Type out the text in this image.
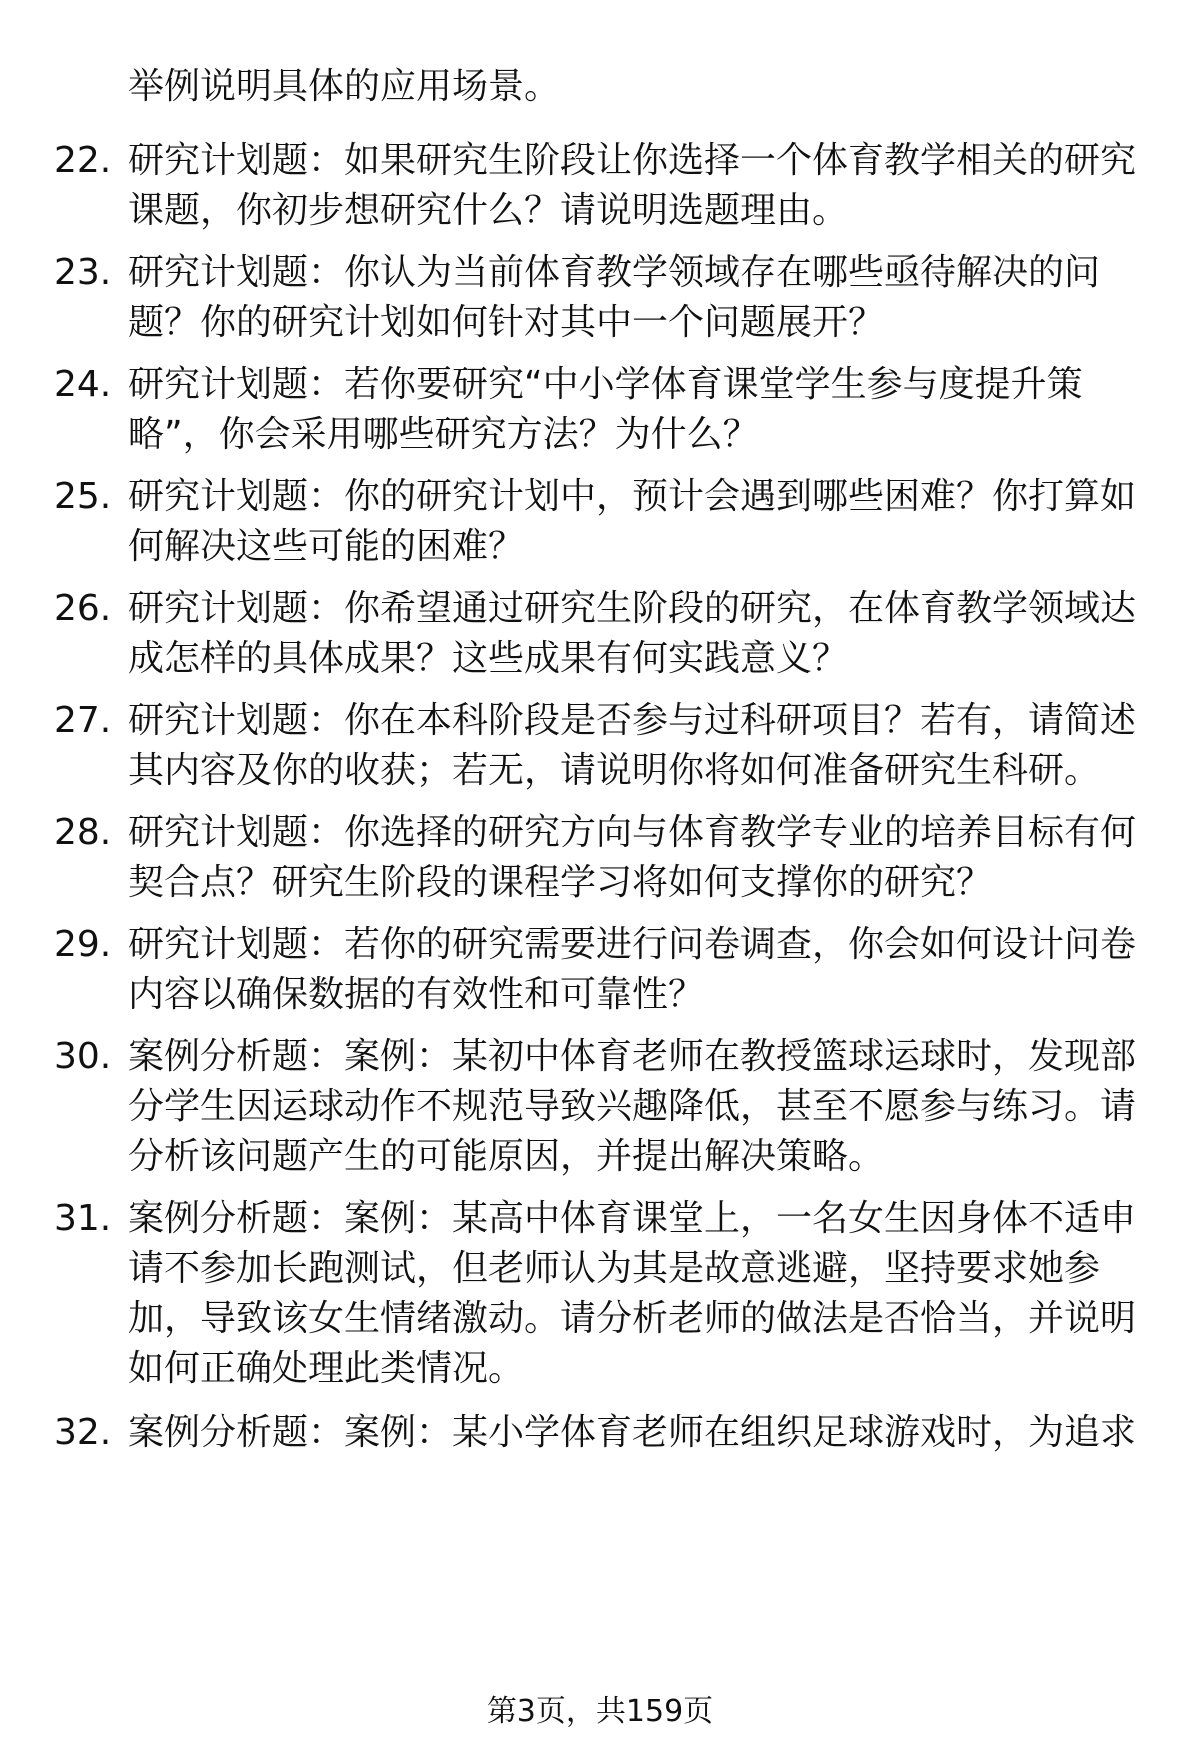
举例说明具体的应用场景。

22. 研究计划题：如果研究生阶段让你选择一个体育教学相关的研究课题，你初步想研究什么？请说明选题理由。

23. 研究计划题：你认为当前体育教学领域存在哪些亟待解决的问题？你的研究计划如何针对其中一个问题展开？

24. 研究计划题：若你要研究“中小学体育课堂学生参与度提升策略”，你会采用哪些研究方法？为什么？

25. 研究计划题：你的研究计划中，预计会遇到哪些困难？你打算如何解决这些可能的困难？

26. 研究计划题：你希望通过研究生阶段的研究，在体育教学领域达成怎样的具体成果？这些成果有何实践意义？

27. 研究计划题：你在本科阶段是否参与过科研项目？若有，请简述其内容及你的收获；若无，请说明你将如何准备研究生科研。

28. 研究计划题：你选择的研究方向与体育教学专业的培养目标有何契合点？研究生阶段的课程学习将如何支撑你的研究？

29. 研究计划题：若你的研究需要进行问卷调查，你会如何设计问卷内容以确保数据的有效性和可靠性？

30. 案例分析题：案例：某初中体育老师在教授篮球运球时，发现部分学生因运球动作不规范导致兴趣降低，甚至不愿参与练习。请分析该问题产生的可能原因，并提出解决策略。

31. 案例分析题：案例：某高中体育课堂上，一名女生因身体不适申请不参加长跑测试，但老师认为其是故意逃避，坚持要求她参加，导致该女生情绪激动。请分析老师的做法是否恰当，并说明如何正确处理此类情况。

32. 案例分析题：案例：某小学体育老师在组织足球游戏时，为追求

第3页，共159页
